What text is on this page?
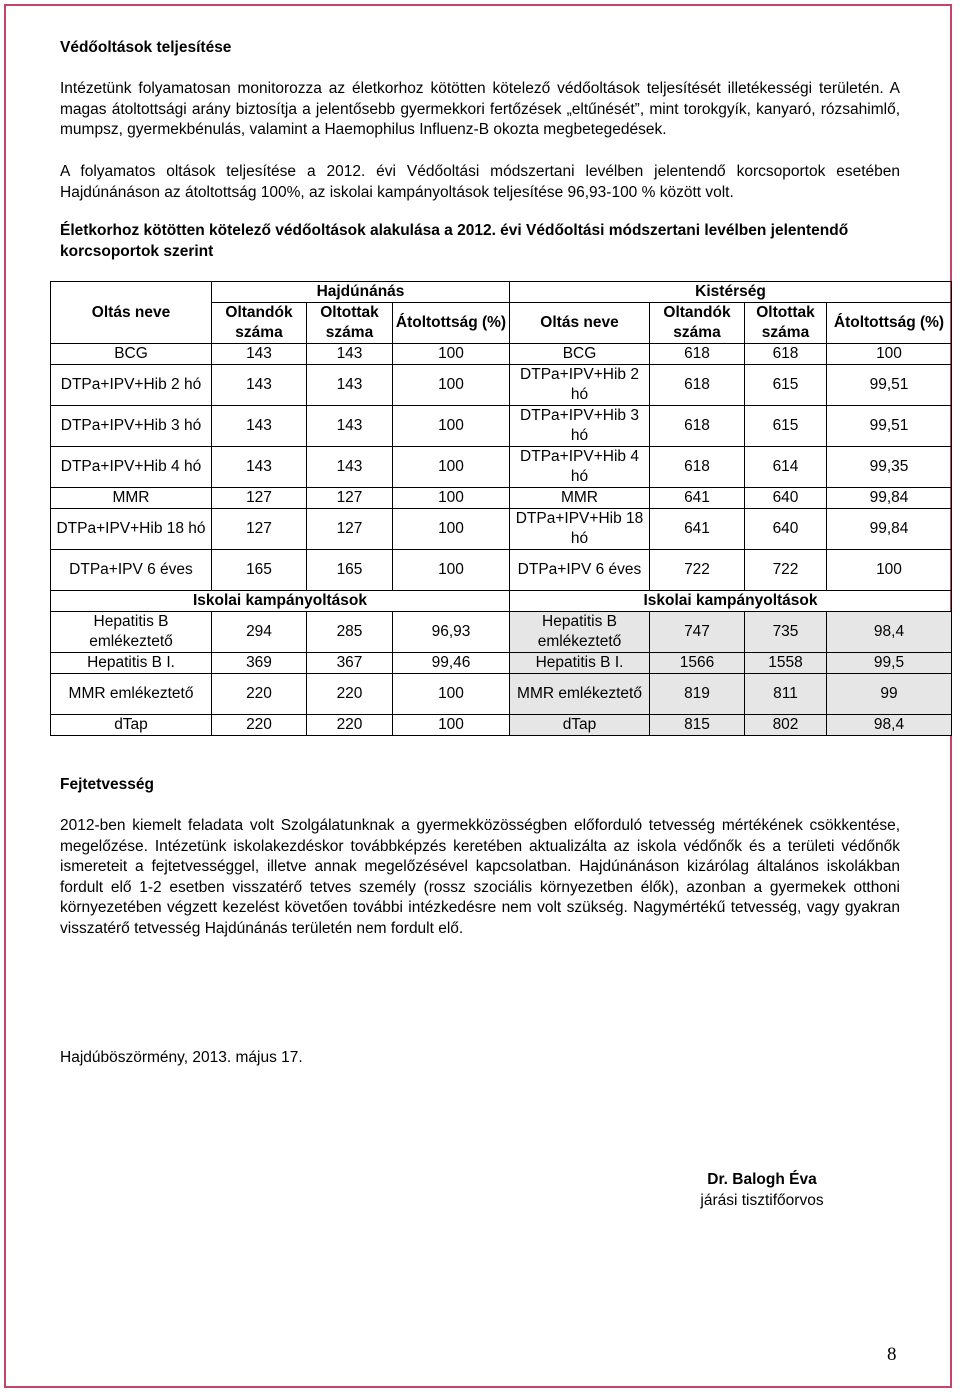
Védőoltások teljesítése
Intézetünk folyamatosan monitorozza az életkorhoz kötötten kötelező védőoltások teljesítését illetékességi területén. A magas átoltottsági arány biztosítja a jelentősebb gyermekkori fertőzések „eltűnését”, mint torokgyík, kanyaró, rózsahimlő, mumpsz, gyermekbénulás, valamint a Haemophilus Influenz-B okozta megbetegedések.
A folyamatos oltások teljesítése a 2012. évi Védőoltási módszertani levélben jelentendő korcsoportok esetében Hajdúnánáson az átoltottság 100%, az iskolai kampányoltások teljesítése 96,93-100 % között volt.
Életkorhoz kötötten kötelező védőoltások alakulása a 2012. évi Védőoltási módszertani levélben jelentendő korcsoportok szerint
Oltás neve	Hajdúnánás			Kistérség			
	Oltandók száma	Oltottak száma	Átoltottság (%)	Oltás neve	Oltandók száma	Oltottak száma	Átoltottság (%)
BCG	143	143	100	BCG	618	618	100
DTPa+IPV+Hib 2 hó	143	143	100	DTPa+IPV+Hib 2 hó	618	615	99,51
DTPa+IPV+Hib 3 hó	143	143	100	DTPa+IPV+Hib 3 hó	618	615	99,51
DTPa+IPV+Hib 4 hó	143	143	100	DTPa+IPV+Hib 4 hó	618	614	99,35
MMR	127	127	100	MMR	641	640	99,84
DTPa+IPV+Hib 18 hó	127	127	100	DTPa+IPV+Hib 18 hó	641	640	99,84
DTPa+IPV 6 éves	165	165	100	DTPa+IPV 6 éves	722	722	100
Iskolai kampányoltások				Iskolai kampányoltások			
Hepatitis B emlékeztető	294	285	96,93	Hepatitis B emlékeztető	747	735	98,4
Hepatitis B I.	369	367	99,46	Hepatitis B I.	1566	1558	99,5
MMR emlékeztető	220	220	100	MMR emlékeztető	819	811	99
dTap	220	220	100	dTap	815	802	98,4
Fejtetvesség
2012-ben kiemelt feladata volt Szolgálatunknak a gyermekközösségben előforduló tetvesség mértékének csökkentése, megelőzése. Intézetünk iskolakezdéskor továbbképzés keretében aktualizálta az iskola védőnők és a területi védőnők ismereteit a fejtetvességgel, illetve annak megelőzésével kapcsolatban. Hajdúnánáson kizárólag általános iskolákban fordult elő 1-2 esetben visszatérő tetves személy (rossz szociális környezetben élők), azonban a gyermekek otthoni környezetében végzett kezelést követően további intézkedésre nem volt szükség. Nagymértékű tetvesség, vagy gyakran visszatérő tetvesség Hajdúnánás területén nem fordult elő.
Hajdúböszörmény, 2013. május 17.
Dr. Balogh Éva
járási tisztifőorvos
8
